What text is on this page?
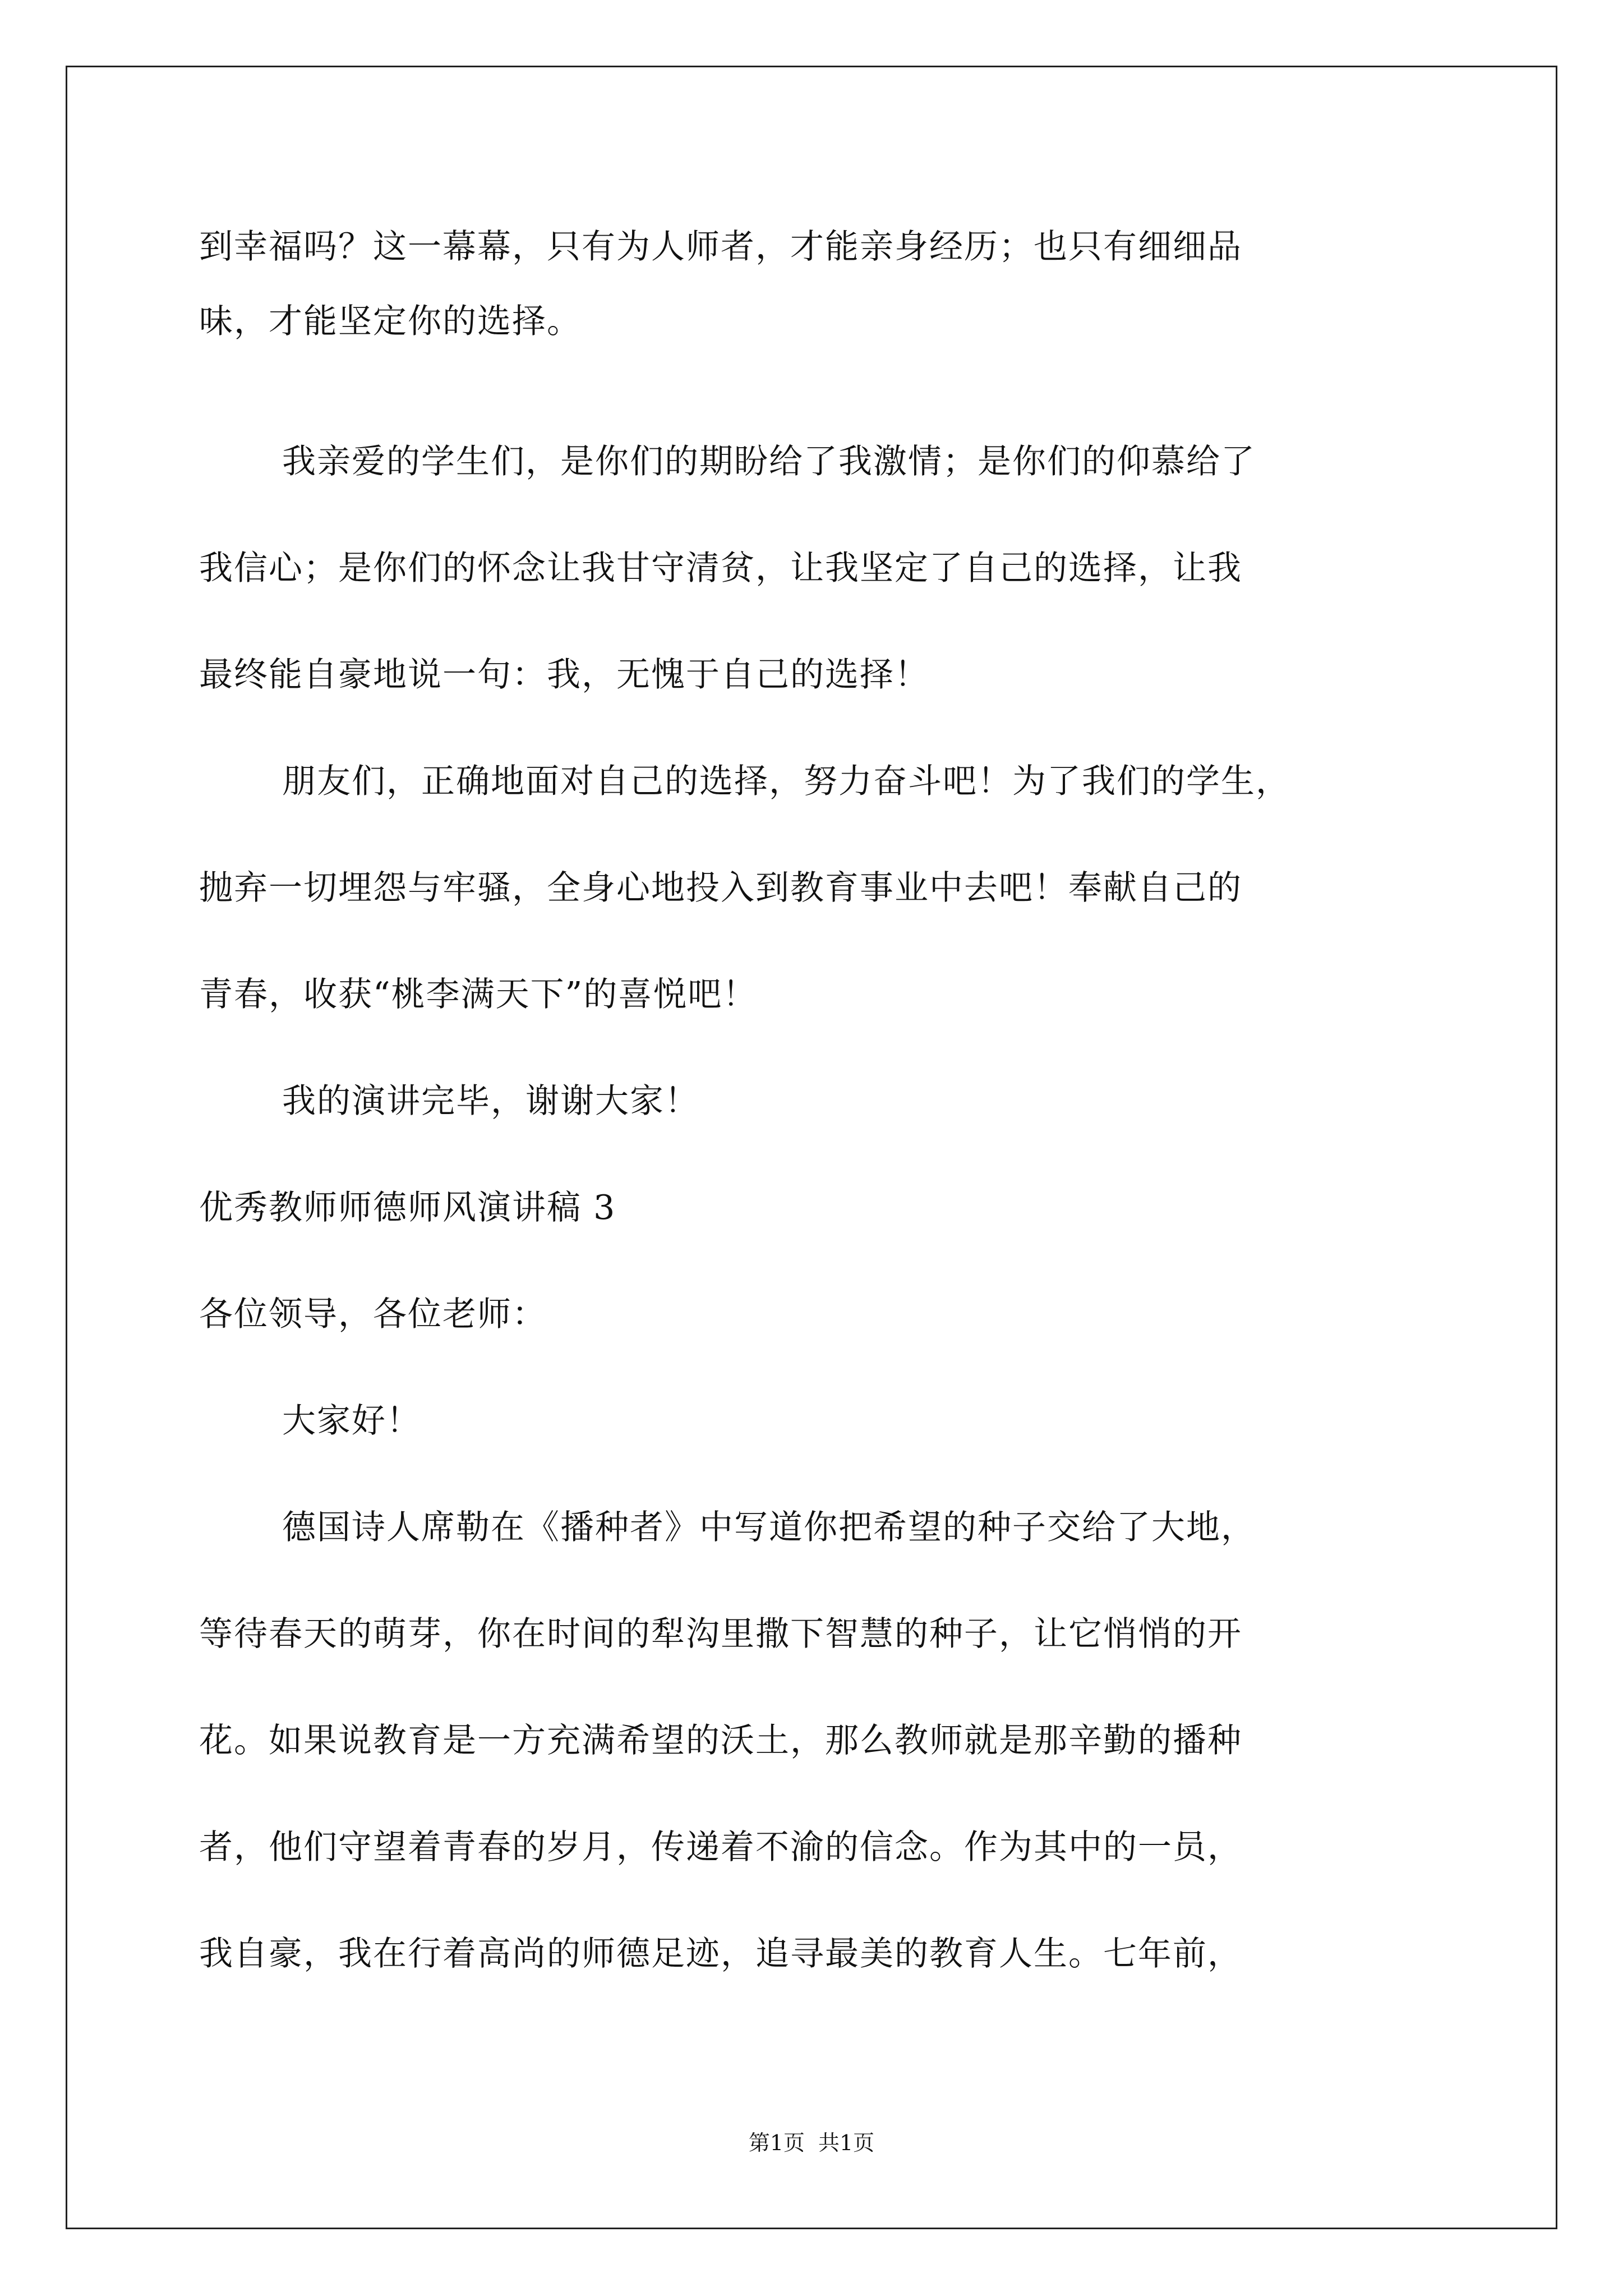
到幸福吗？这一幕幕，只有为人师者，才能亲身经历；也只有细细品
味，才能坚定你的选择。
我亲爱的学生们，是你们的期盼给了我激情；是你们的仰慕给了
我信心；是你们的怀念让我甘守清贫，让我坚定了自己的选择，让我
最终能自豪地说一句：我，无愧于自己的选择！
朋友们，正确地面对自己的选择，努力奋斗吧！为了我们的学生，
抛弃一切埋怨与牢骚，全身心地投入到教育事业中去吧！奉献自己的
青春，收获“桃李满天下”的喜悦吧！
我的演讲完毕，谢谢大家！
优秀教师师德师风演讲稿 3
各位领导，各位老师：
大家好！
德国诗人席勒在《播种者》中写道你把希望的种子交给了大地，
等待春天的萌芽，你在时间的犁沟里撒下智慧的种子，让它悄悄的开
花。如果说教育是一方充满希望的沃土，那么教师就是那辛勤的播种
者，他们守望着青春的岁月，传递着不渝的信念。作为其中的一员，
我自豪，我在行着高尚的师德足迹，追寻最美的教育人生。七年前，
第1页 共1页
